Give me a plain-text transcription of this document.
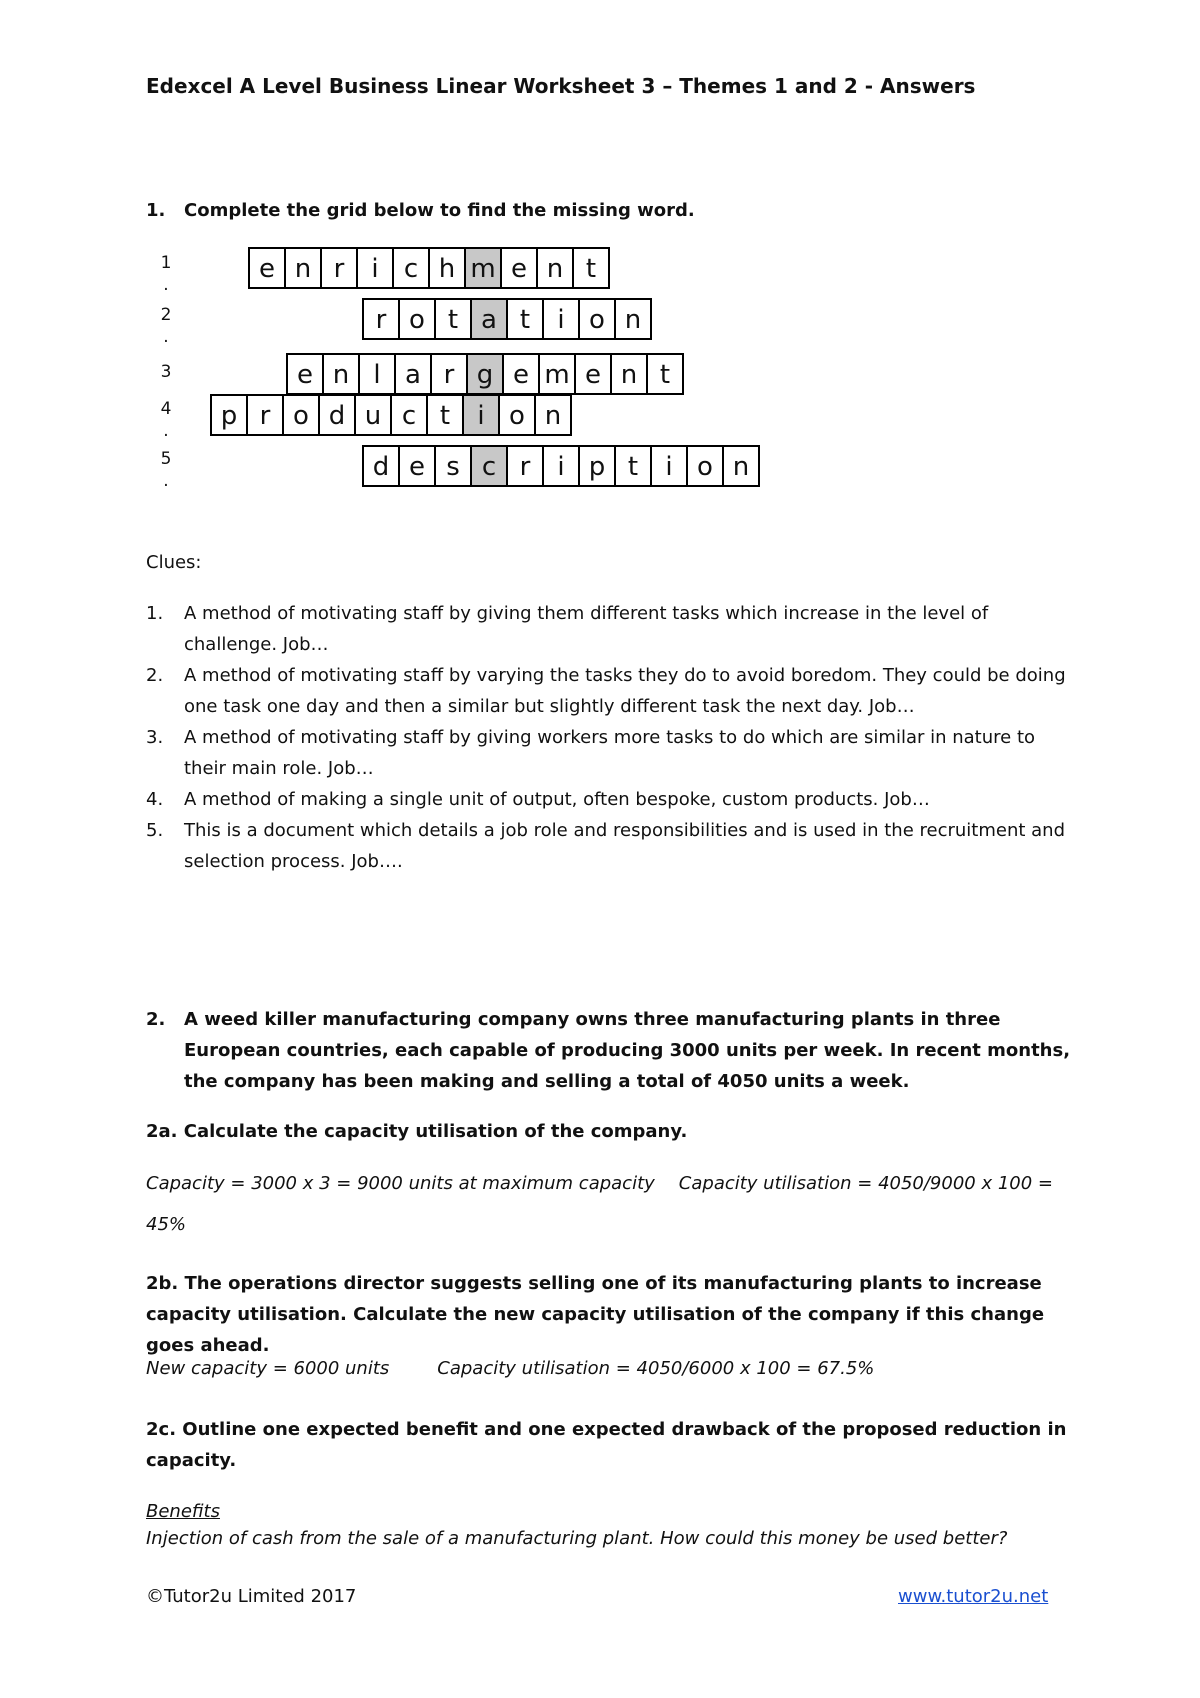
Edexcel A Level Business Linear Worksheet 3 – Themes 1 and 2 - Answers
1. Complete the grid below to find the missing word.
1
.
2
.
3
4
.
5
.
e n r	i c h m e n t
r o t a t	i o n
e n l a r g e m e n t
p r o d u c t	i o n
d e s c r	i p t	i o n
Clues:
1. A method of motivating staff by giving them different tasks which increase in the level of challenge. Job…
2. A method of motivating staff by varying the tasks they do to avoid boredom. They could be doing one task one day and then a similar but slightly different task the next day. Job…
3. A method of motivating staff by giving workers more tasks to do which are similar in nature to their main role. Job…
4. A method of making a single unit of output, often bespoke, custom products. Job…
5. This is a document which details a job role and responsibilities and is used in the recruitment and selection process. Job….
2. A weed killer manufacturing company owns three manufacturing plants in three European countries, each capable of producing 3000 units per week. In recent months, the company has been making and selling a total of 4050 units a week.
2a. Calculate the capacity utilisation of the company.
Capacity = 3000 x 3 = 9000 units at maximum capacity Capacity utilisation = 4050/9000 x 100 =
45%
2b. The operations director suggests selling one of its manufacturing plants to increase capacity utilisation. Calculate the new capacity utilisation of the company if this change goes ahead.
New capacity = 6000 units	Capacity utilisation = 4050/6000 x 100 = 67.5%
2c. Outline one expected benefit and one expected drawback of the proposed reduction in capacity.
Benefits
Injection of cash from the sale of a manufacturing plant. How could this money be used better?
©Tutor2u Limited 2017	www.tutor2u.net
